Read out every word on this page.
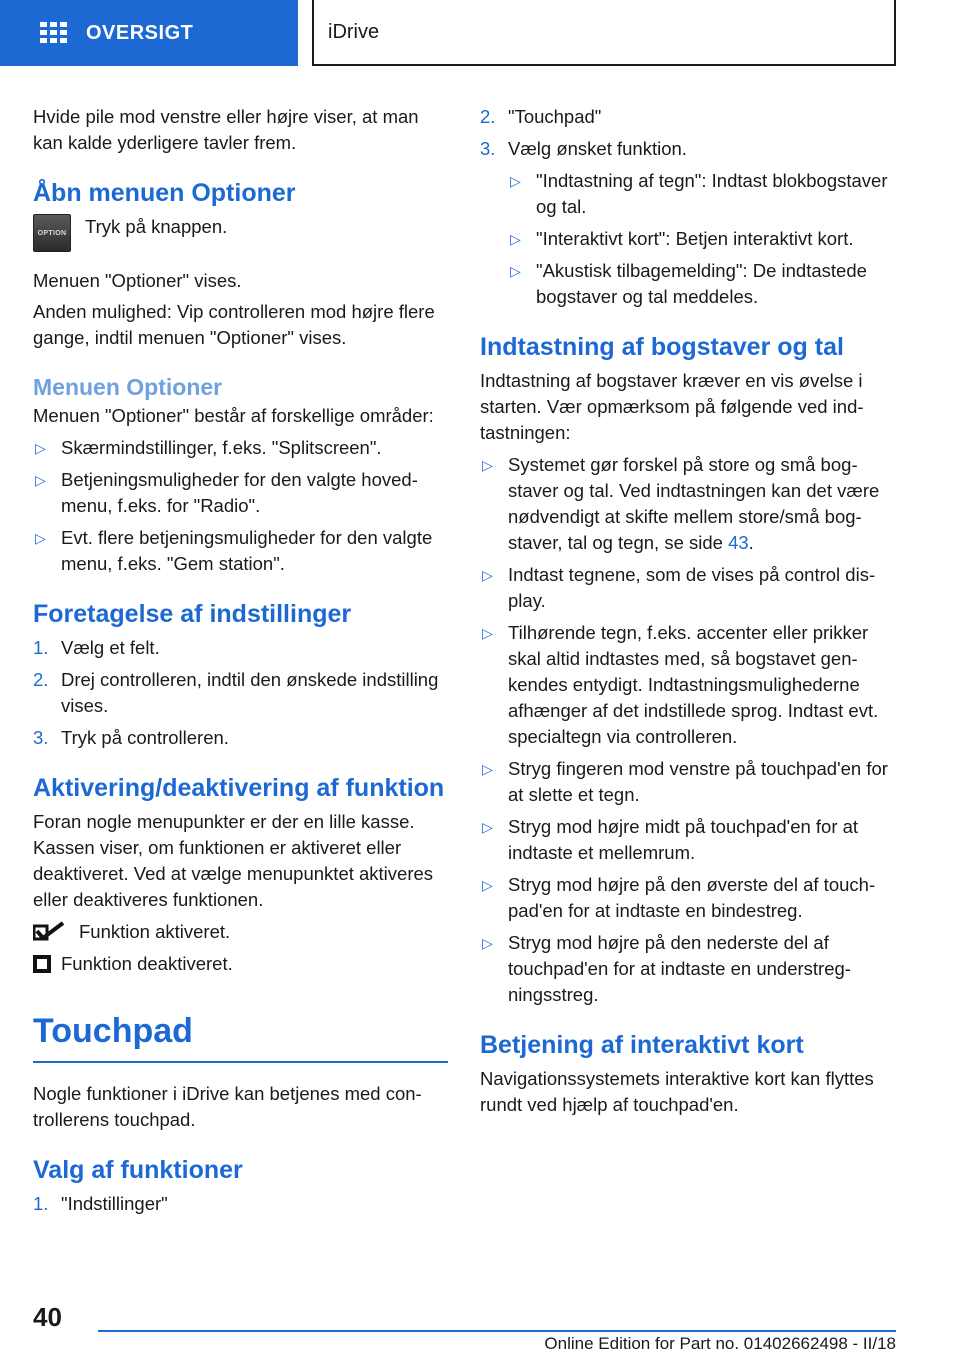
OVERSIGT	iDrive

Hvide pile mod venstre eller højre viser, at man kan kalde yderligere tavler frem.

Åbn menuen Optioner
OPTION Tryk på knappen.

Menuen "Optioner" vises.

Anden mulighed: Vip controlleren mod højre flere gange, indtil menuen "Optioner" vises.

Menuen Optioner

Menuen "Optioner" består af forskellige områder:

▷ Skærmindstillinger, f.eks. "Splitscreen".
▷ Betjeningsmuligheder for den valgte hovedmenu, f.eks. for "Radio".
▷ Evt. flere betjeningsmuligheder for den valgte menu, f.eks. "Gem station".
Foretagelse af indstillinger
1. Vælg et felt.
2. Drej controlleren, indtil den ønskede indstilling vises.
3. Tryk på controlleren.
Aktivering/deaktivering af funktion

Foran nogle menupunkter er der en lille kasse. Kassen viser, om funktionen er aktiveret eller deaktiveret. Ved at vælge menupunktet aktiveres eller deaktiveres funktionen.

Funktion aktiveret.
Funktion deaktiveret.
Touchpad

Nogle funktioner i iDrive kan betjenes med controllerens touchpad.

Valg af funktioner
1. "Indstillinger"
2. "Touchpad"
3. Vælg ønsket funktion.
▷ "Indtastning af tegn": Indtast blokbogstaver og tal.
▷ "Interaktivt kort": Betjen interaktivt kort.
▷ "Akustisk tilbagemelding": De indtastede bogstaver og tal meddeles.
Indtastning af bogstaver og tal

Indtastning af bogstaver kræver en vis øvelse i starten. Vær opmærksom på følgende ved indtastningen:

▷ Systemet gør forskel på store og små bogstaver og tal. Ved indtastningen kan det være nødvendigt at skifte mellem store/små bogstaver, tal og tegn, se side 43.
▷ Indtast tegnene, som de vises på control display.
▷ Tilhørende tegn, f.eks. accenter eller prikker skal altid indtastes med, så bogstavet genkendes entydigt. Indtastningsmulighederne afhænger af det indstillede sprog. Indtast evt. specialtegn via controlleren.
▷ Stryg fingeren mod venstre på touchpad'en for at slette et tegn.
▷ Stryg mod højre midt på touchpad'en for at indtaste et mellemrum.
▷ Stryg mod højre på den øverste del af touchpad'en for at indtaste en bindestreg.
▷ Stryg mod højre på den nederste del af touchpad'en for at indtaste en understregningsstreg.
Betjening af interaktivt kort

Navigationssystemets interaktive kort kan flyttes rundt ved hjælp af touchpad'en.

40
Online Edition for Part no. 01402662498 - II/18
